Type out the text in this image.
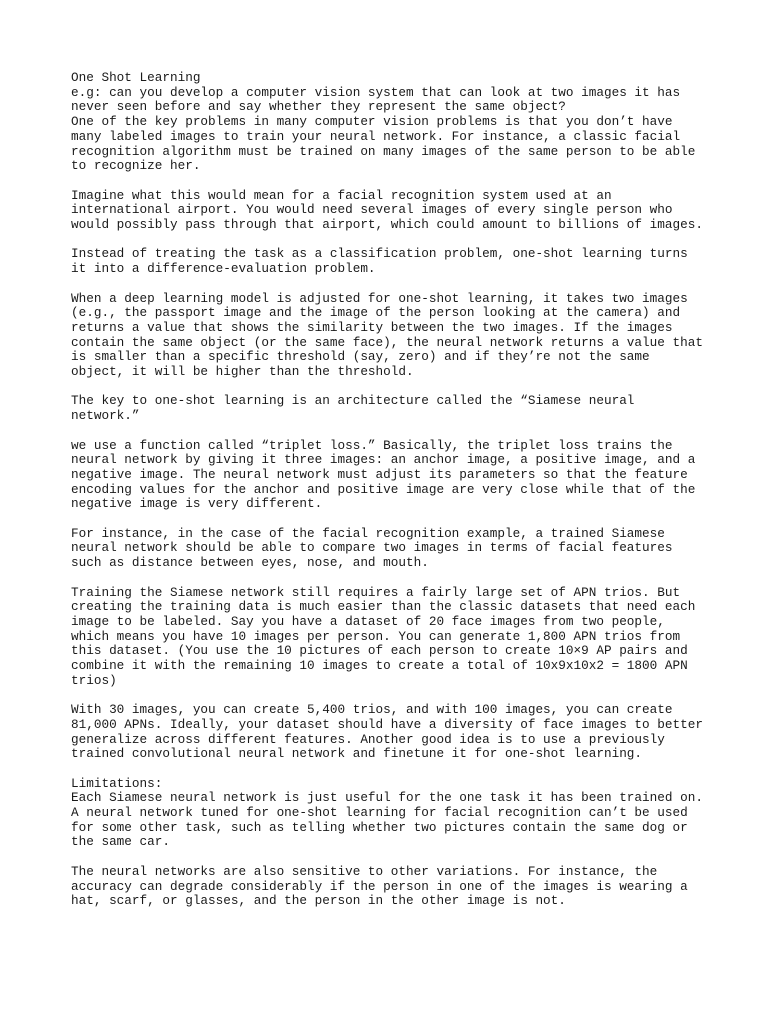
One Shot Learning
e.g: can you develop a computer vision system that can look at two images it has
never seen before and say whether they represent the same object?
One of the key problems in many computer vision problems is that you don’t have
many labeled images to train your neural network. For instance, a classic facial
recognition algorithm must be trained on many images of the same person to be able
to recognize her.

Imagine what this would mean for a facial recognition system used at an
international airport. You would need several images of every single person who
would possibly pass through that airport, which could amount to billions of images.

Instead of treating the task as a classification problem, one-shot learning turns
it into a difference-evaluation problem.

When a deep learning model is adjusted for one-shot learning, it takes two images
(e.g., the passport image and the image of the person looking at the camera) and
returns a value that shows the similarity between the two images. If the images
contain the same object (or the same face), the neural network returns a value that
is smaller than a specific threshold (say, zero) and if they’re not the same
object, it will be higher than the threshold.

The key to one-shot learning is an architecture called the “Siamese neural
network.”

we use a function called “triplet loss.” Basically, the triplet loss trains the
neural network by giving it three images: an anchor image, a positive image, and a
negative image. The neural network must adjust its parameters so that the feature
encoding values for the anchor and positive image are very close while that of the
negative image is very different.

For instance, in the case of the facial recognition example, a trained Siamese
neural network should be able to compare two images in terms of facial features
such as distance between eyes, nose, and mouth.

Training the Siamese network still requires a fairly large set of APN trios. But
creating the training data is much easier than the classic datasets that need each
image to be labeled. Say you have a dataset of 20 face images from two people,
which means you have 10 images per person. You can generate 1,800 APN trios from
this dataset. (You use the 10 pictures of each person to create 10×9 AP pairs and
combine it with the remaining 10 images to create a total of 10x9x10x2 = 1800 APN
trios)

With 30 images, you can create 5,400 trios, and with 100 images, you can create
81,000 APNs. Ideally, your dataset should have a diversity of face images to better
generalize across different features. Another good idea is to use a previously
trained convolutional neural network and finetune it for one-shot learning.

Limitations:
Each Siamese neural network is just useful for the one task it has been trained on.
A neural network tuned for one-shot learning for facial recognition can’t be used
for some other task, such as telling whether two pictures contain the same dog or
the same car.

The neural networks are also sensitive to other variations. For instance, the
accuracy can degrade considerably if the person in one of the images is wearing a
hat, scarf, or glasses, and the person in the other image is not.
